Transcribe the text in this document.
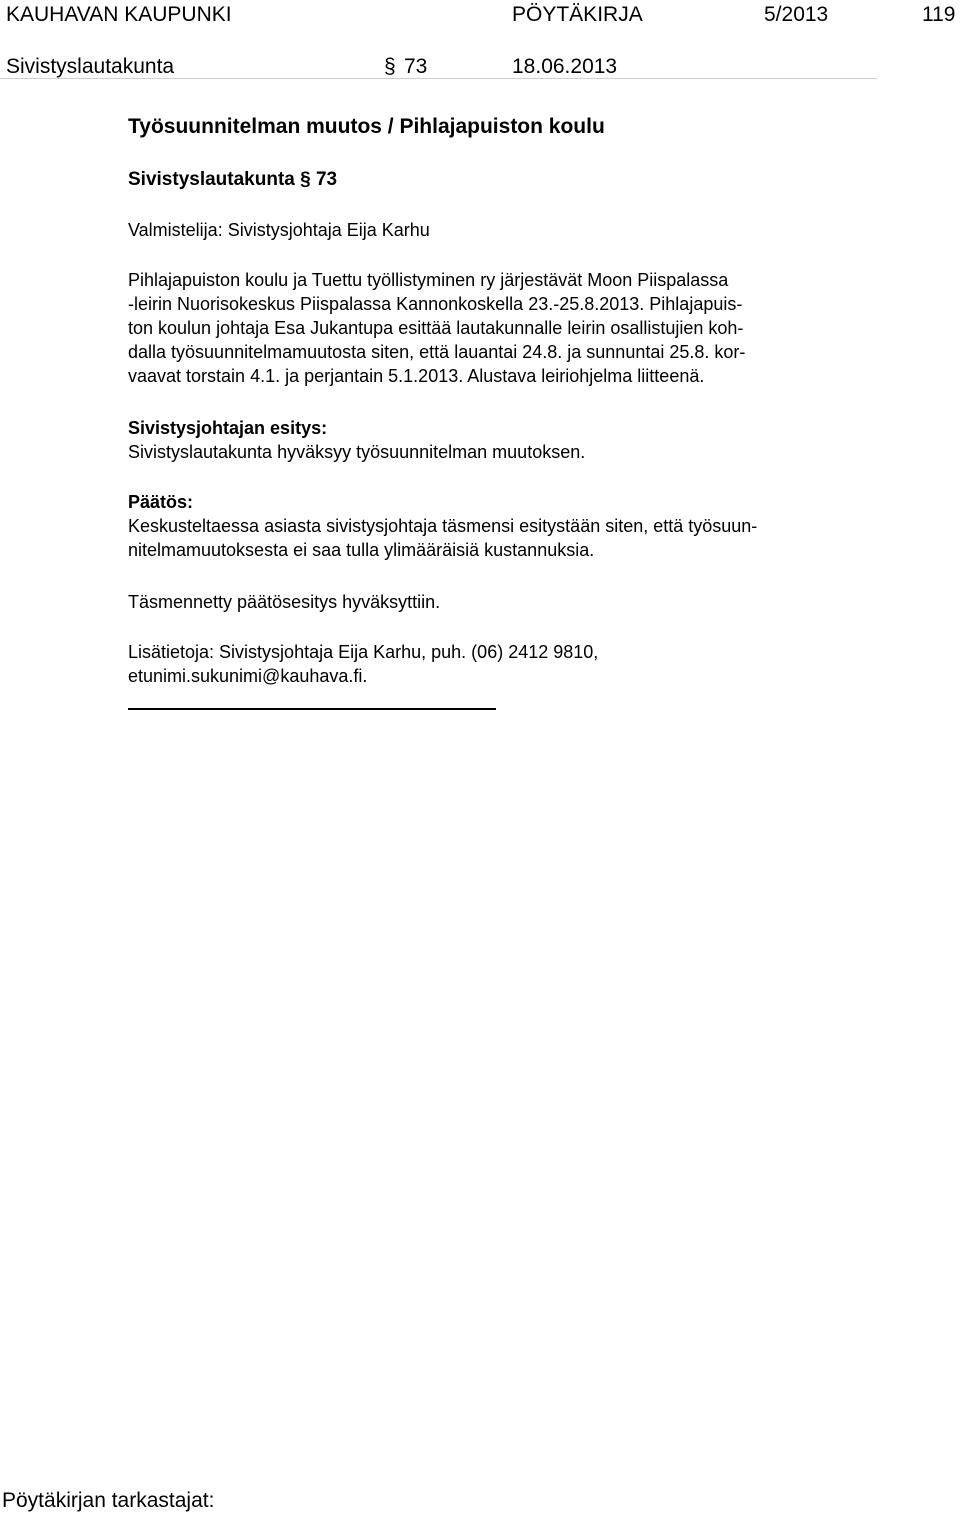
KAUHAVAN KAUPUNKI	PÖYTÄKIRJA	5/2013	119
Sivistyslautakunta	§ 73	18.06.2013
Työsuunnitelman muutos / Pihlajapuiston koulu
Sivistyslautakunta § 73
Valmistelija: Sivistysjohtaja Eija Karhu
Pihlajapuiston koulu ja Tuettu työllistyminen ry järjestävät Moon Piispalassa
-leirin Nuorisokeskus Piispalassa Kannonkoskella 23.-25.8.2013. Pihlajapuis-
ton koulun johtaja Esa Jukantupa esittää lautakunnalle leirin osallistujien koh-
dalla työsuunnitelmamuutosta siten, että lauantai 24.8. ja sunnuntai 25.8. kor-
vaavat torstain 4.1. ja perjantain 5.1.2013. Alustava leiriohjelma liitteenä.
Sivistysjohtajan esitys:
Sivistyslautakunta hyväksyy työsuunnitelman muutoksen.
Päätös:
Keskusteltaessa asiasta sivistysjohtaja täsmensi esitystään siten, että työsuun-
nitelmamuutoksesta ei saa tulla ylimääräisiä kustannuksia.
Täsmennetty päätösesitys hyväksyttiin.
Lisätietoja: Sivistysjohtaja Eija Karhu, puh. (06) 2412 9810,
etunimi.sukunimi@kauhava.fi.
Pöytäkirjan tarkastajat:
